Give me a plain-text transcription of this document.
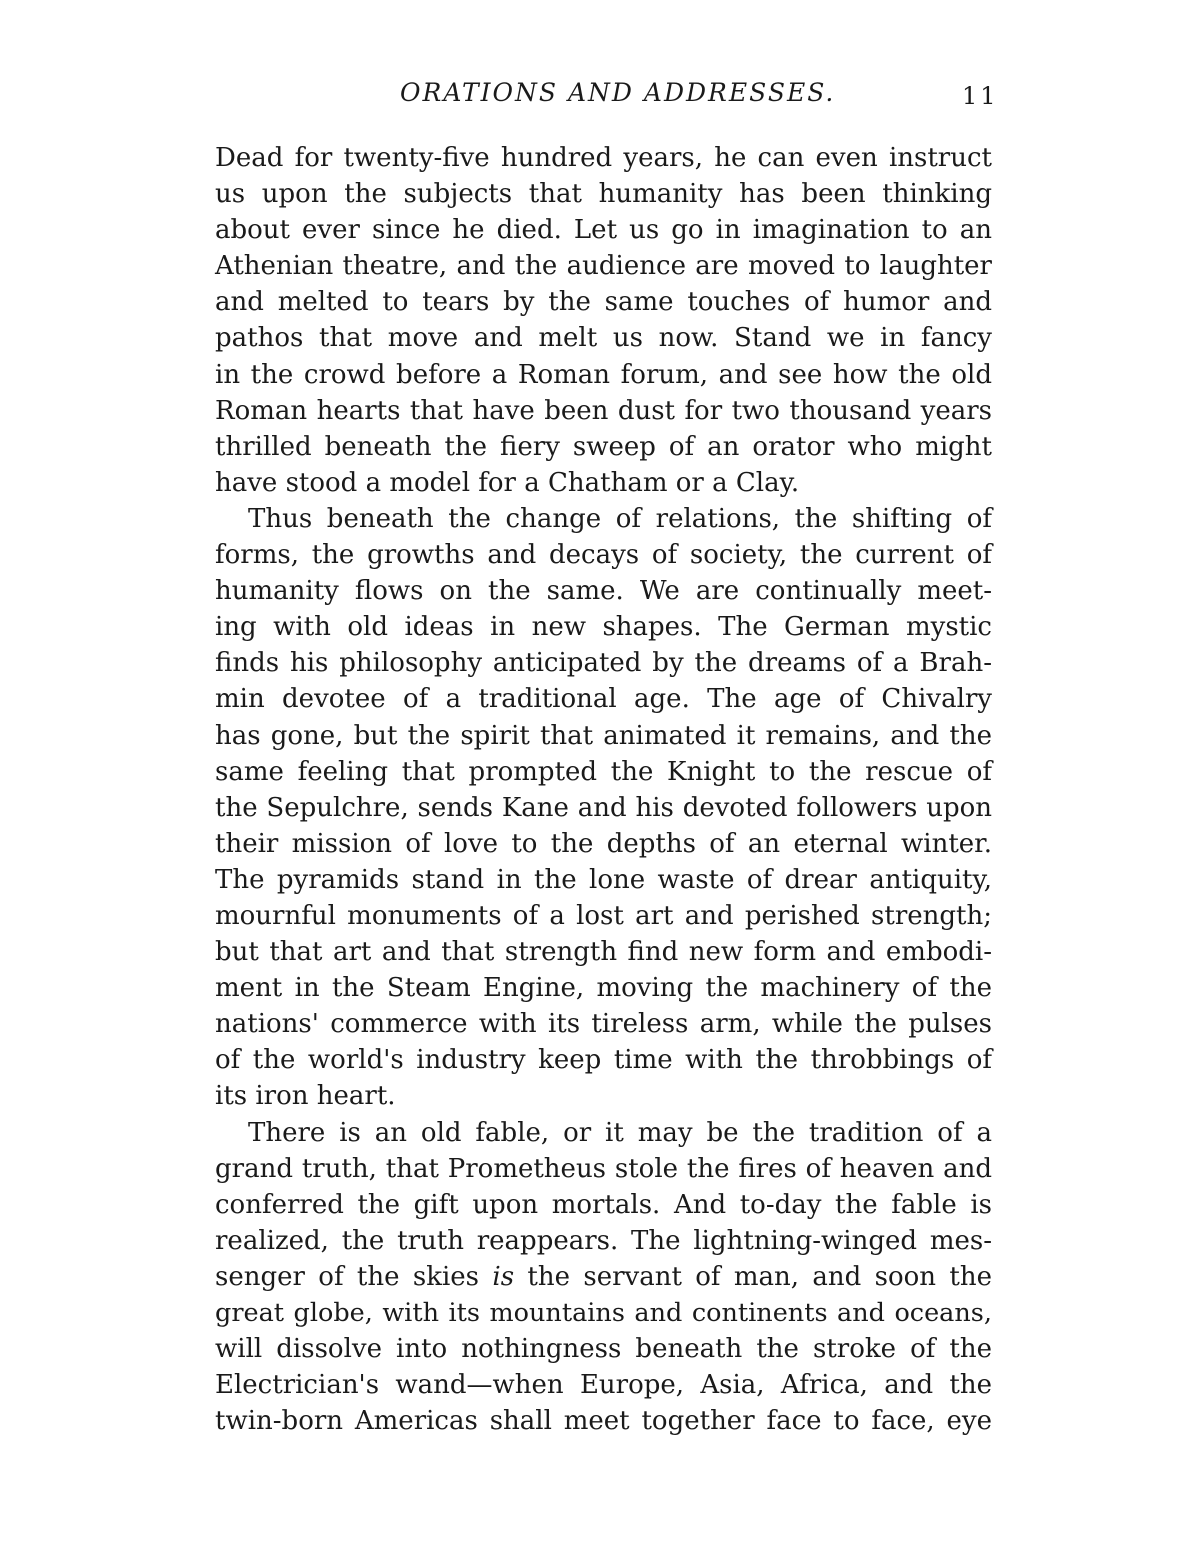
ORATIONS AND ADDRESSES.	11
Dead for twenty-five hundred years, he can even instruct
us upon the subjects that humanity has been thinking
about ever since he died. Let us go in imagination to an
Athenian theatre, and the audience are moved to laughter
and melted to tears by the same touches of humor and
pathos that move and melt us now. Stand we in fancy
in the crowd before a Roman forum, and see how the old
Roman hearts that have been dust for two thousand years
thrilled beneath the fiery sweep of an orator who might
have stood a model for a Chatham or a Clay.
Thus beneath the change of relations, the shifting of
forms, the growths and decays of society, the current of
humanity flows on the same. We are continually meet-
ing with old ideas in new shapes. The German mystic
finds his philosophy anticipated by the dreams of a Brah-
min devotee of a traditional age. The age of Chivalry
has gone, but the spirit that animated it remains, and the
same feeling that prompted the Knight to the rescue of
the Sepulchre, sends Kane and his devoted followers upon
their mission of love to the depths of an eternal winter.
The pyramids stand in the lone waste of drear antiquity,
mournful monuments of a lost art and perished strength;
but that art and that strength find new form and embodi-
ment in the Steam Engine, moving the machinery of the
nations' commerce with its tireless arm, while the pulses
of the world's industry keep time with the throbbings of
its iron heart.
There is an old fable, or it may be the tradition of a
grand truth, that Prometheus stole the fires of heaven and
conferred the gift upon mortals. And to-day the fable is
realized, the truth reappears. The lightning-winged mes-
senger of the skies is the servant of man, and soon the
great globe, with its mountains and continents and oceans,
will dissolve into nothingness beneath the stroke of the
Electrician's wand—when Europe, Asia, Africa, and the
twin-born Americas shall meet together face to face, eye
